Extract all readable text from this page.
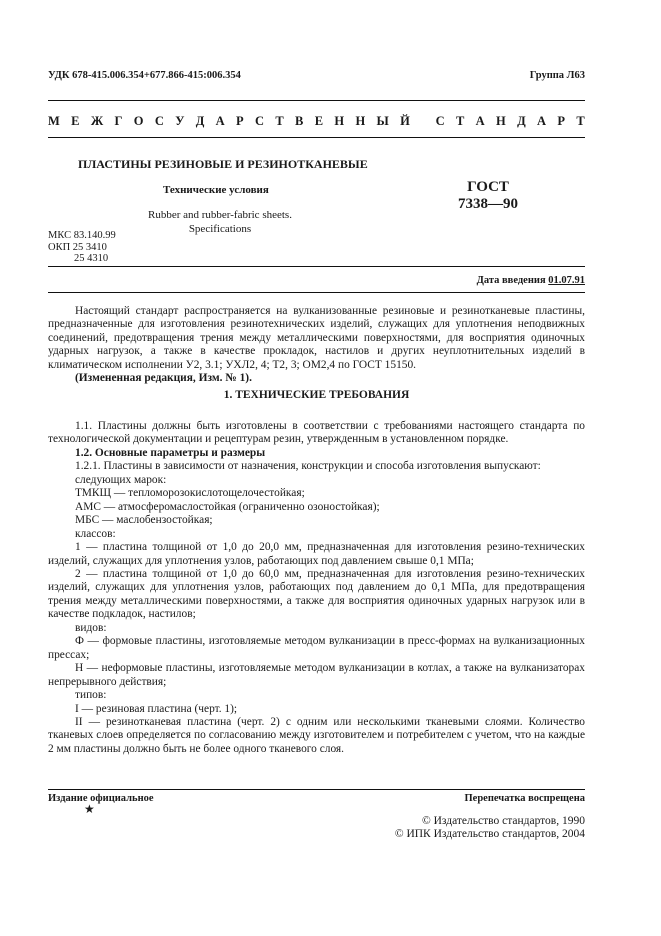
УДК 678-415.006.354+677.866-415:006.354	Группа Л63
М Е Ж Г О С У Д А Р С Т В Е Н Н Ы Й
С Т А Н Д А Р Т
ПЛАСТИНЫ РЕЗИНОВЫЕ И РЕЗИНОТКАНЕВЫЕ
Технические условия	ГОСТ
7338—90
Rubber and rubber-fabric sheets.
Specifications
МКС 83.140.99
ОКП 25 3410
25 4310
Дата введения 01.07.91

Настоящий стандарт распространяется на вулканизованные резиновые и резинотканевые пластины, предназначенные для изготовления резинотехнических изделий, служащих для уплотнения неподвижных соединений, предотвращения трения между металлическими поверхностями, для восприятия одиночных ударных нагрузок, а также в качестве прокладок, настилов и других неуплотнительных изделий в климатическом исполнении У2, 3.1; УХЛ2, 4; Т2, 3; ОМ2,4 по ГОСТ 15150.

(Измененная редакция, Изм. № 1).

1. ТЕХНИЧЕСКИЕ ТРЕБОВАНИЯ

1.1. Пластины должны быть изготовлены в соответствии с требованиями настоящего стандарта по технологической документации и рецептурам резин, утвержденным в установленном порядке.

1.2. Основные параметры и размеры

1.2.1. Пластины в зависимости от назначения, конструкции и способа изготовления выпускают:

следующих марок:

ТМКЩ — тепломорозокислотощелочестойкая;

АМС — атмосферомаслостойкая (ограниченно озоностойкая);

МБС — маслобензостойкая;

классов:

1 — пластина толщиной от 1,0 до 20,0 мм, предназначенная для изготовления резино-технических изделий, служащих для уплотнения узлов, работающих под давлением свыше 0,1 МПа;

2 — пластина толщиной от 1,0 до 60,0 мм, предназначенная для изготовления резино-технических изделий, служащих для уплотнения узлов, работающих под давлением до 0,1 МПа, для предотвращения трения между металлическими поверхностями, а также для восприятия одиночных ударных нагрузок или в качестве подкладок, настилов;

видов:

Ф — формовые пластины, изготовляемые методом вулканизации в пресс-формах на вулканизационных прессах;

Н — неформовые пластины, изготовляемые методом вулканизации в котлах, а также на вулканизаторах непрерывного действия;

типов:

I — резиновая пластина (черт. 1);

II — резинотканевая пластина (черт. 2) с одним или несколькими тканевыми слоями. Количество тканевых слоев определяется по согласованию между изготовителем и потребителем с учетом, что на каждые 2 мм пластины должно быть не более одного тканевого слоя.

Издание официальное	Перепечатка воспрещена
★
© Издательство стандартов, 1990
© ИПК Издательство стандартов, 2004
